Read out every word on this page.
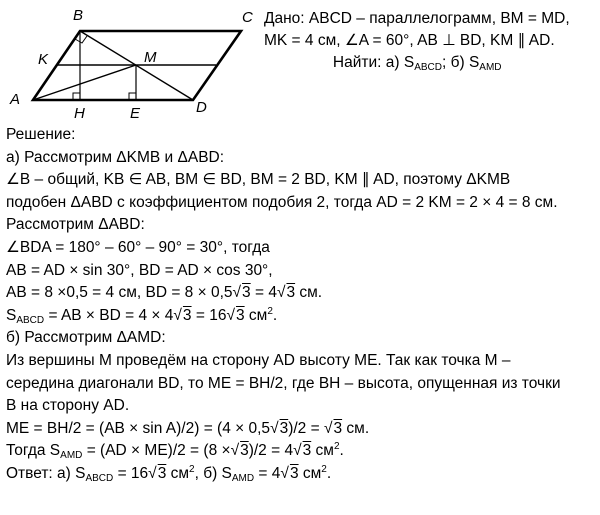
B	C
K	M
A
H	E	D
Дано: ABCD – параллелограмм, BM = MD,
MK = 4 см, ∠A = 60°, AB ⊥ BD, KM ∥ AD.
Найти: а) $S_{ABCD}$; б) $S_{AMD}$
Решение:
а) Рассмотрим ΔKMB и ΔABD:
∠B – общий, KB ∈ AB, BM ∈ BD, BM = 2 BD, KM ∥ AD, поэтому ΔKMB
подобен ΔABD с коэффициентом подобия 2, тогда AD = 2 KM = 2 × 4 = 8 см.
Рассмотрим ΔABD:
∠BDA = 180° – 60° – 90° = 30°, тогда
AB = AD × sin 30°, BD = AD × cos 30°,
AB = 8 ×0,5 = 4 см, BD = 8 × 0,5√3 = 4√3 см.
$S_{ABCD}$ = AB × BD = 4 × 4√3 = 16√3 $см^2$.
б) Рассмотрим ΔAMD:
Из вершины M проведём на сторону AD высоту ME. Так как точка M –
середина диагонали BD, то ME = BH/2, где BH – высота, опущенная из точки
B на сторону AD.
ME = BH/2 = (AB × sin A)/2) = (4 × 0,5√3)/2 = √3 см.
Тогда $S_{AMD} = (AD \times ME)/2 = (8 \times√3)/2 = 4√3$ $см^2$.
Ответ: а) $S_{ABCD} = 16√3$ $см^2$, б) $S_{AMD} = 4√3$ $см^2$.
